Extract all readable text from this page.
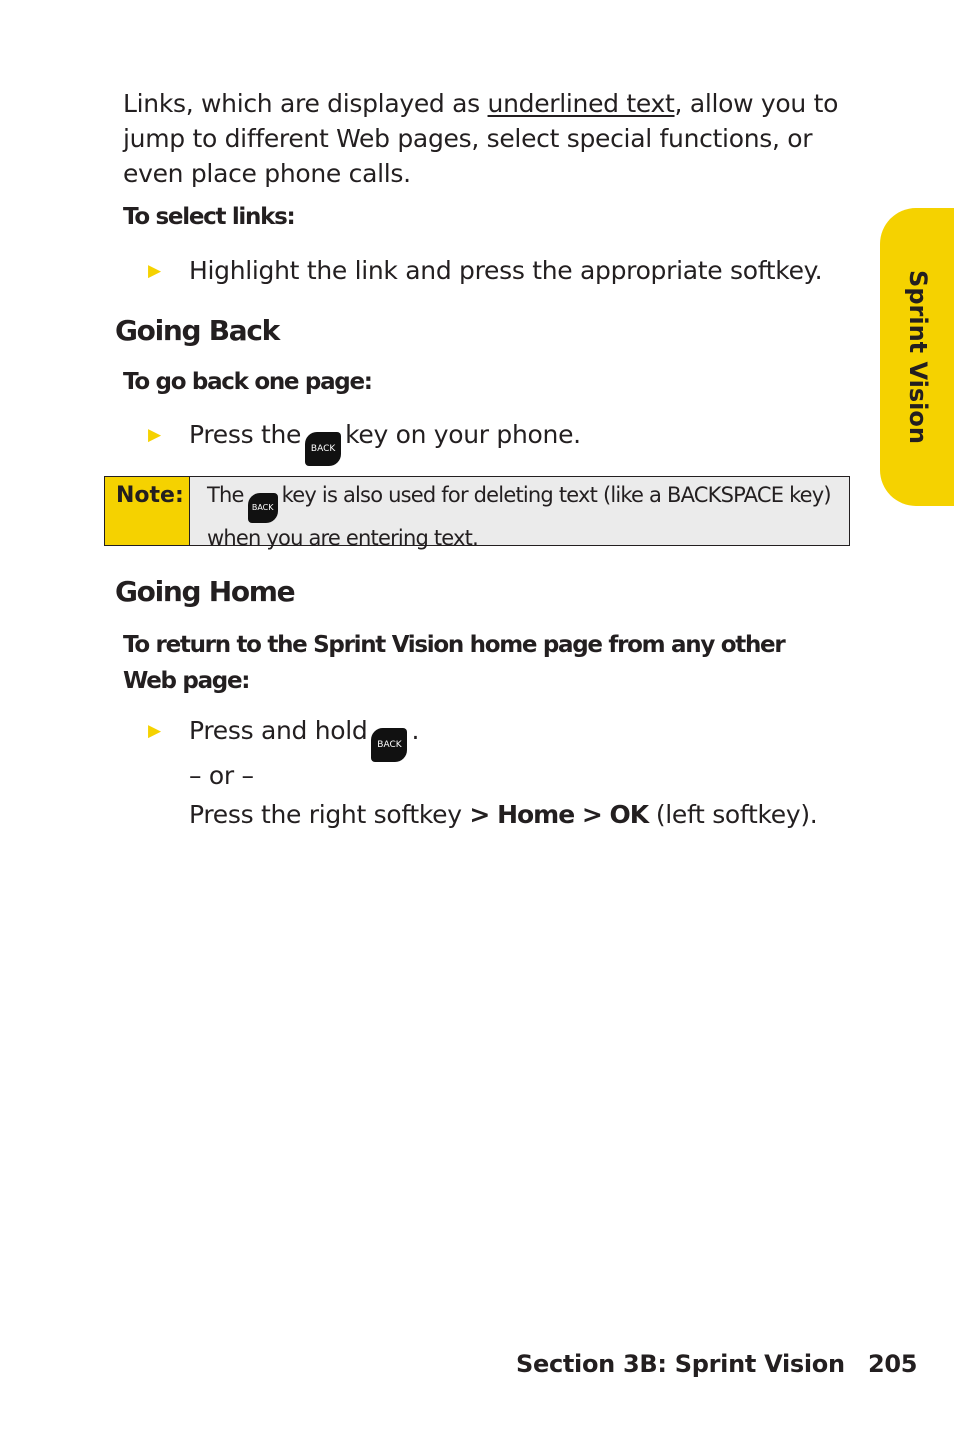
Links, which are displayed as underlined text, allow you to jump to different Web pages, select special functions, or even place phone calls.
To select links:
▶ Highlight the link and press the appropriate softkey.
Going Back
To go back one page:
▶ Press the BACK key on your phone.
Note: TheBACKkey is also used for deleting text (like a BACKSPACE key)
when you are entering text.
Going Home
To return to the Sprint Vision home page from any other Web page:
▶ Press and hold BACK .
– or –
Press the right softkey > Home > OK (left softkey).
Sprint Vision
Section 3B: Sprint Vision 205
